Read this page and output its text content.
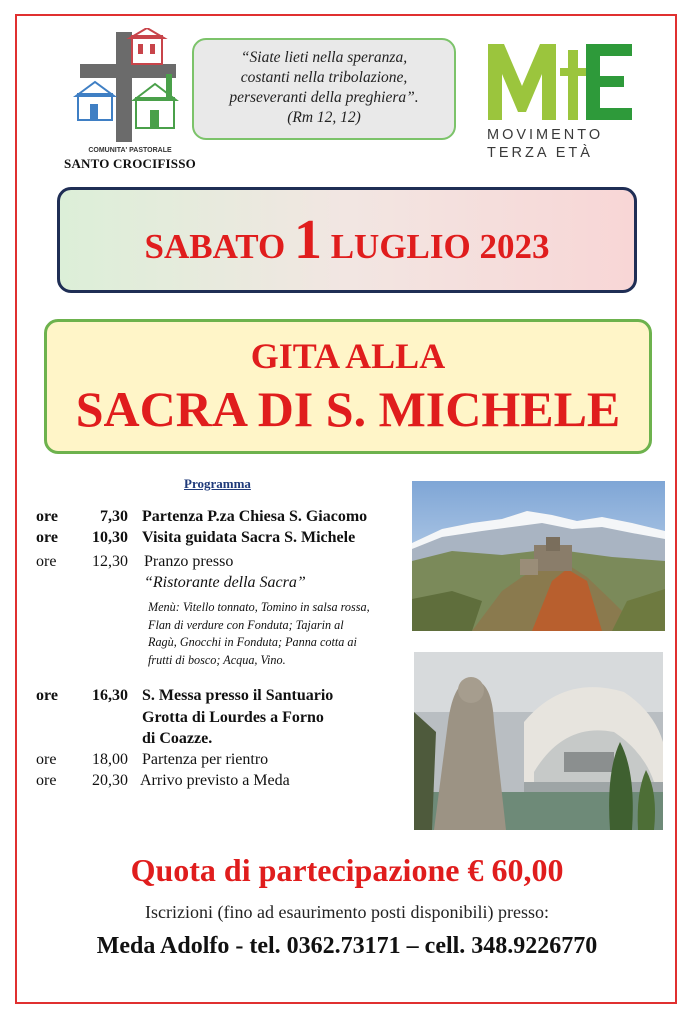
COMUNITA' PASTORALE
SANTO CROCIFISSO
“Siate lieti nella speranza,
costanti nella tribolazione,
perseveranti della preghiera”.
(Rm 12, 12)
MOVIMENTO
TERZA ETÀ
SABATO 1 LUGLIO 2023
GITA ALLA
SACRA DI S. MICHELE
Programma
ore	7,30 Partenza P.za Chiesa S. Giacomo
ore	10,30 Visita guidata Sacra S. Michele
ore	12,30 Pranzo presso
“Ristorante della Sacra”
Menù: Vitello tonnato, Tomino in salsa rossa,
Flan di verdure con Fonduta; Tajarin al
Ragù, Gnocchi in Fonduta; Panna cotta ai
frutti di bosco; Acqua, Vino.
ore	16,30 S. Messa presso il Santuario
Grotta di Lourdes a Forno
di Coazze.
ore	18,00 Partenza per rientro
ore	20,30 Arrivo previsto a Meda
Quota di partecipazione € 60,00
Iscrizioni (fino ad esaurimento posti disponibili) presso:
Meda Adolfo - tel. 0362.73171 – cell. 348.9226770
